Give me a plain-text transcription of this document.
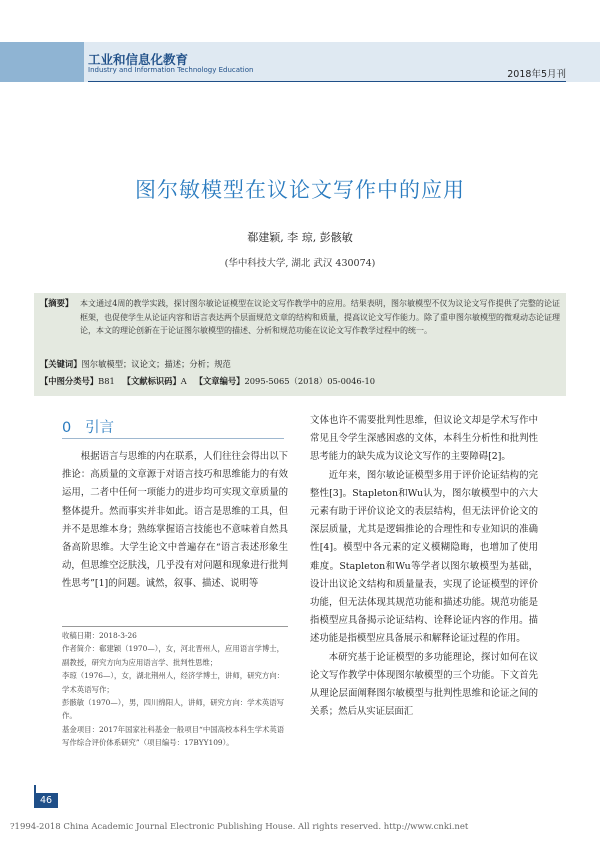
工业和信息化教育
Industry and Information Technology Education	2018年5月刊
图尔敏模型在议论文写作中的应用
郗建颖, 李 琼, 彭骸敏
(华中科技大学, 湖北 武汉 430074)
【摘要】 本文通过4周的教学实践，探讨图尔敏论证模型在议论文写作教学中的应用。结果表明，图尔敏模型不仅为议论文写作提供了完整的论证框架，也促使学生从论证内容和语言表达两个层面规范文章的结构和质量，提高议论文写作能力。除了重申图尔敏模型的微观动态论证理论，本文的理论创新在于论证图尔敏模型的描述、分析和规范功能在议论文写作教学过程中的统一。
【关键词】图尔敏模型；议论文；描述；分析；规范
【中图分类号】B81 【文献标识码】A 【文章编号】2095-5065（2018）05-0046-10
0 引言

根据语言与思维的内在联系，人们往往会得出以下推论：高质量的文章源于对语言技巧和思维能力的有效运用，二者中任何一项能力的进步均可实现文章质量的整体提升。然而事实并非如此。语言是思维的工具，但并不是思维本身；熟练掌握语言技能也不意味着自然具备高阶思维。大学生论文中普遍存在“语言表述形象生动，但思维空泛肤浅，几乎没有对问题和现象进行批判性思考”[1]的问题。诚然，叙事、描述、说明等

收稿日期：2018-3-26
作者简介：郗建颖（1970—），女，河北晋州人，应用语言学博士，副教授，研究方向为应用语言学、批判性思维；
李琼（1976—），女，湖北荆州人，经济学博士，讲师，研究方向：学术英语写作；
彭骸敏（1970—），男，四川绵阳人，讲师，研究方向：学术英语写作。
基金项目：2017年国家社科基金一般项目“中国高校本科生学术英语写作综合评价体系研究”（项目编号：17BYY109）。

文体也许不需要批判性思维，但议论文却是学术写作中常见且令学生深感困惑的文体，本科生分析性和批判性思考能力的缺失成为议论文写作的主要障碍[2]。

近年来，图尔敏论证模型多用于评价论证结构的完整性[3]。Stapleton和Wu认为，图尔敏模型中的六大元素有助于评价议论文的表层结构，但无法评价论文的深层质量，尤其是逻辑推论的合理性和专业知识的准确性[4]。模型中各元素的定义模糊隐晦，也增加了使用难度。Stapleton和Wu等学者以图尔敏模型为基础，设计出议论文结构和质量量表，实现了论证模型的评价功能，但无法体现其规范功能和描述功能。规范功能是指模型应具备揭示论证结构、诠释论证内容的作用。描述功能是指模型应具备展示和解释论证过程的作用。

本研究基于论证模型的多功能理论，探讨如何在议论文写作教学中体现图尔敏模型的三个功能。下文首先从理论层面阐释图尔敏模型与批判性思维和论证之间的关系；然后从实证层面汇

46
?1994-2018 China Academic Journal Electronic Publishing House. All rights reserved. http://www.cnki.net
